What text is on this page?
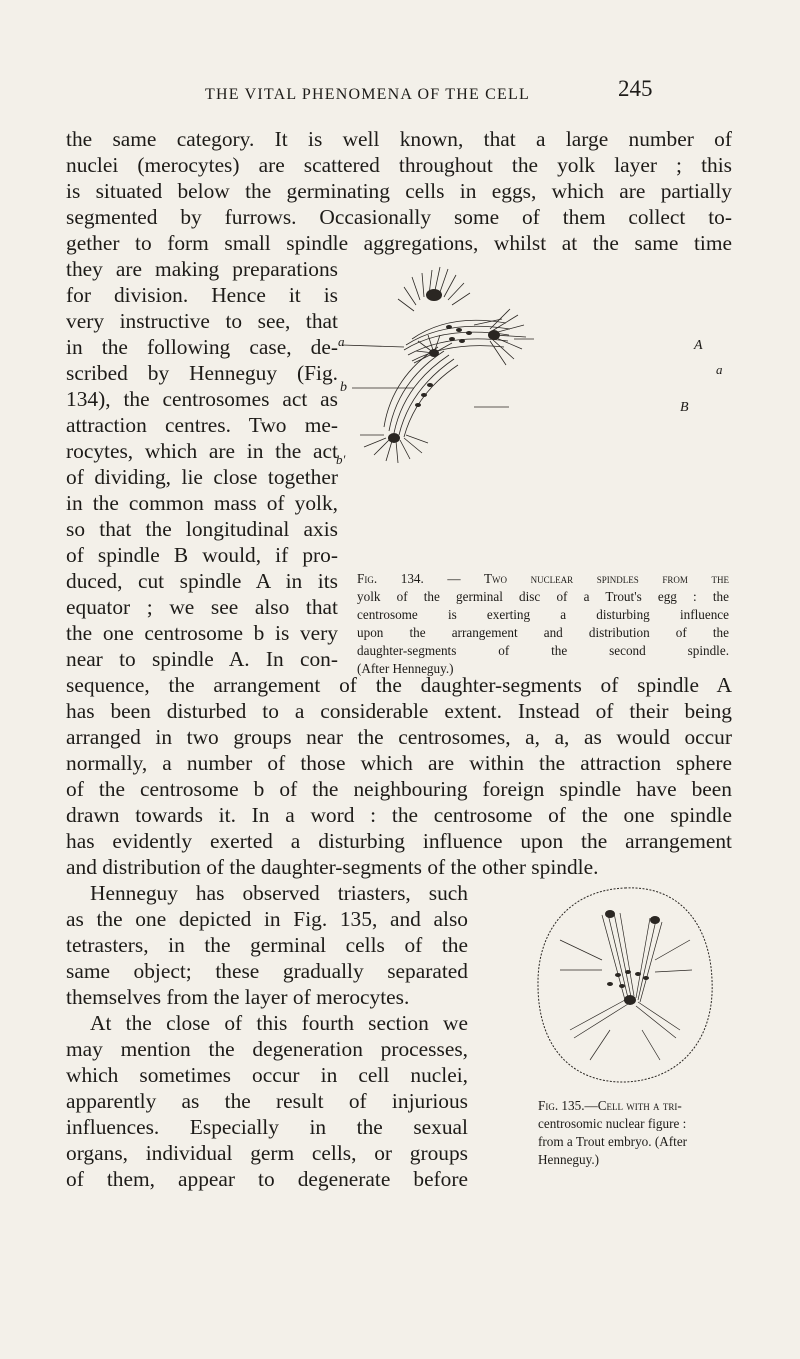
THE VITAL PHENOMENA OF THE CELL	245
the same category. It is well known, that a large number of
nuclei (merocytes) are scattered throughout the yolk layer ; this
is situated below the germinating cells in eggs, which are partially
segmented by furrows. Occasionally some of them collect to-
gether to form small spindle aggregations, whilst at the same time
they are making preparations
for division. Hence it is
very instructive to see, that
in the following case, de-
scribed by Henneguy (Fig.
134), the centrosomes act as
attraction centres. Two me-
rocytes, which are in the act
of dividing, lie close together
in the common mass of yolk,
so that the longitudinal axis
of spindle B would, if pro-
duced, cut spindle A in its
equator ; we see also that
the one centrosome b is very
near to spindle A. In con-
a	A
a
b
B
b′
Fig. 134. — Two nuclear spindles from the
yolk of the germinal disc of a Trout's egg : the
centrosome is exerting a disturbing influence
upon the arrangement and distribution of the
daughter-segments of the second spindle.
(After Henneguy.)
sequence, the arrangement of the daughter-segments of spindle A
has been disturbed to a considerable extent. Instead of their being
arranged in two groups near the centrosomes, a, a, as would occur
normally, a number of those which are within the attraction sphere
of the centrosome b of the neighbouring foreign spindle have been
drawn towards it. In a word : the centrosome of the one spindle
has evidently exerted a disturbing influence upon the arrangement
and distribution of the daughter-segments of the other spindle.
Henneguy has observed triasters, such
as the one depicted in Fig. 135, and also
tetrasters, in the germinal cells of the
same object; these gradually separated
themselves from the layer of merocytes.
At the close of this fourth section we
may mention the degeneration processes,
which sometimes occur in cell nuclei,
apparently as the result of injurious
influences. Especially in the sexual
organs, individual germ cells, or groups
of them, appear to degenerate before
Fig. 135.—Cell with a tri-
centrosomic nuclear figure :
from a Trout embryo. (After
Henneguy.)
